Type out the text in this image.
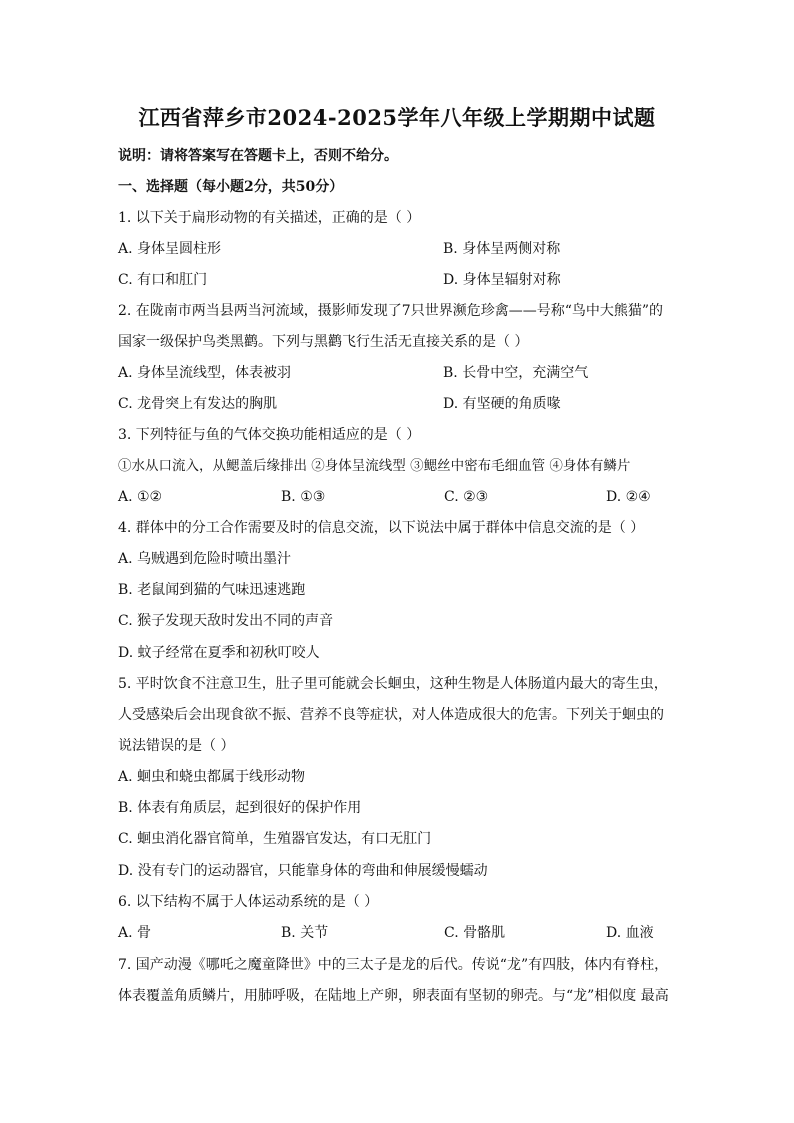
江西省萍乡市2024-2025学年八年级上学期期中试题
说明：请将答案写在答题卡上，否则不给分。
一、选择题（每小题2分，共50分）
1. 以下关于扁形动物的有关描述，正确的是（ ）
A. 身体呈圆柱形	B. 身体呈两侧对称
C. 有口和肛门	D. 身体呈辐射对称
2. 在陇南市两当县两当河流域，摄影师发现了7只世界濒危珍禽——号称“鸟中大熊猫”的
国家一级保护鸟类黑鹳。下列与黑鹳飞行生活无直接关系的是（ ）
A. 身体呈流线型，体表被羽	B. 长骨中空，充满空气
C. 龙骨突上有发达的胸肌	D. 有坚硬的角质喙
3. 下列特征与鱼的气体交换功能相适应的是（ ）
①水从口流入，从鳃盖后缘排出 ②身体呈流线型 ③鳃丝中密布毛细血管 ④身体有鳞片
A. ①②	B. ①③	C. ②③	D. ②④
4. 群体中的分工合作需要及时的信息交流，以下说法中属于群体中信息交流的是（ ）
A. 乌贼遇到危险时喷出墨汁
B. 老鼠闻到猫的气味迅速逃跑
C. 猴子发现天敌时发出不同的声音
D. 蚊子经常在夏季和初秋叮咬人
5. 平时饮食不注意卫生，肚子里可能就会长蛔虫，这种生物是人体肠道内最大的寄生虫，
人受感染后会出现食欲不振、营养不良等症状，对人体造成很大的危害。下列关于蛔虫的
说法错误的是（ ）
A. 蛔虫和蛲虫都属于线形动物
B. 体表有角质层，起到很好的保护作用
C. 蛔虫消化器官简单，生殖器官发达，有口无肛门
D. 没有专门的运动器官，只能靠身体的弯曲和伸展缓慢蠕动
6. 以下结构不属于人体运动系统的是（ ）
A. 骨	B. 关节	C. 骨骼肌	D. 血液
7. 国产动漫《哪吒之魔童降世》中的三太子是龙的后代。传说“龙”有四肢，体内有脊柱，
体表覆盖角质鳞片，用肺呼吸，在陆地上产卵，卵表面有坚韧的卵壳。与“龙”相似度 最高
